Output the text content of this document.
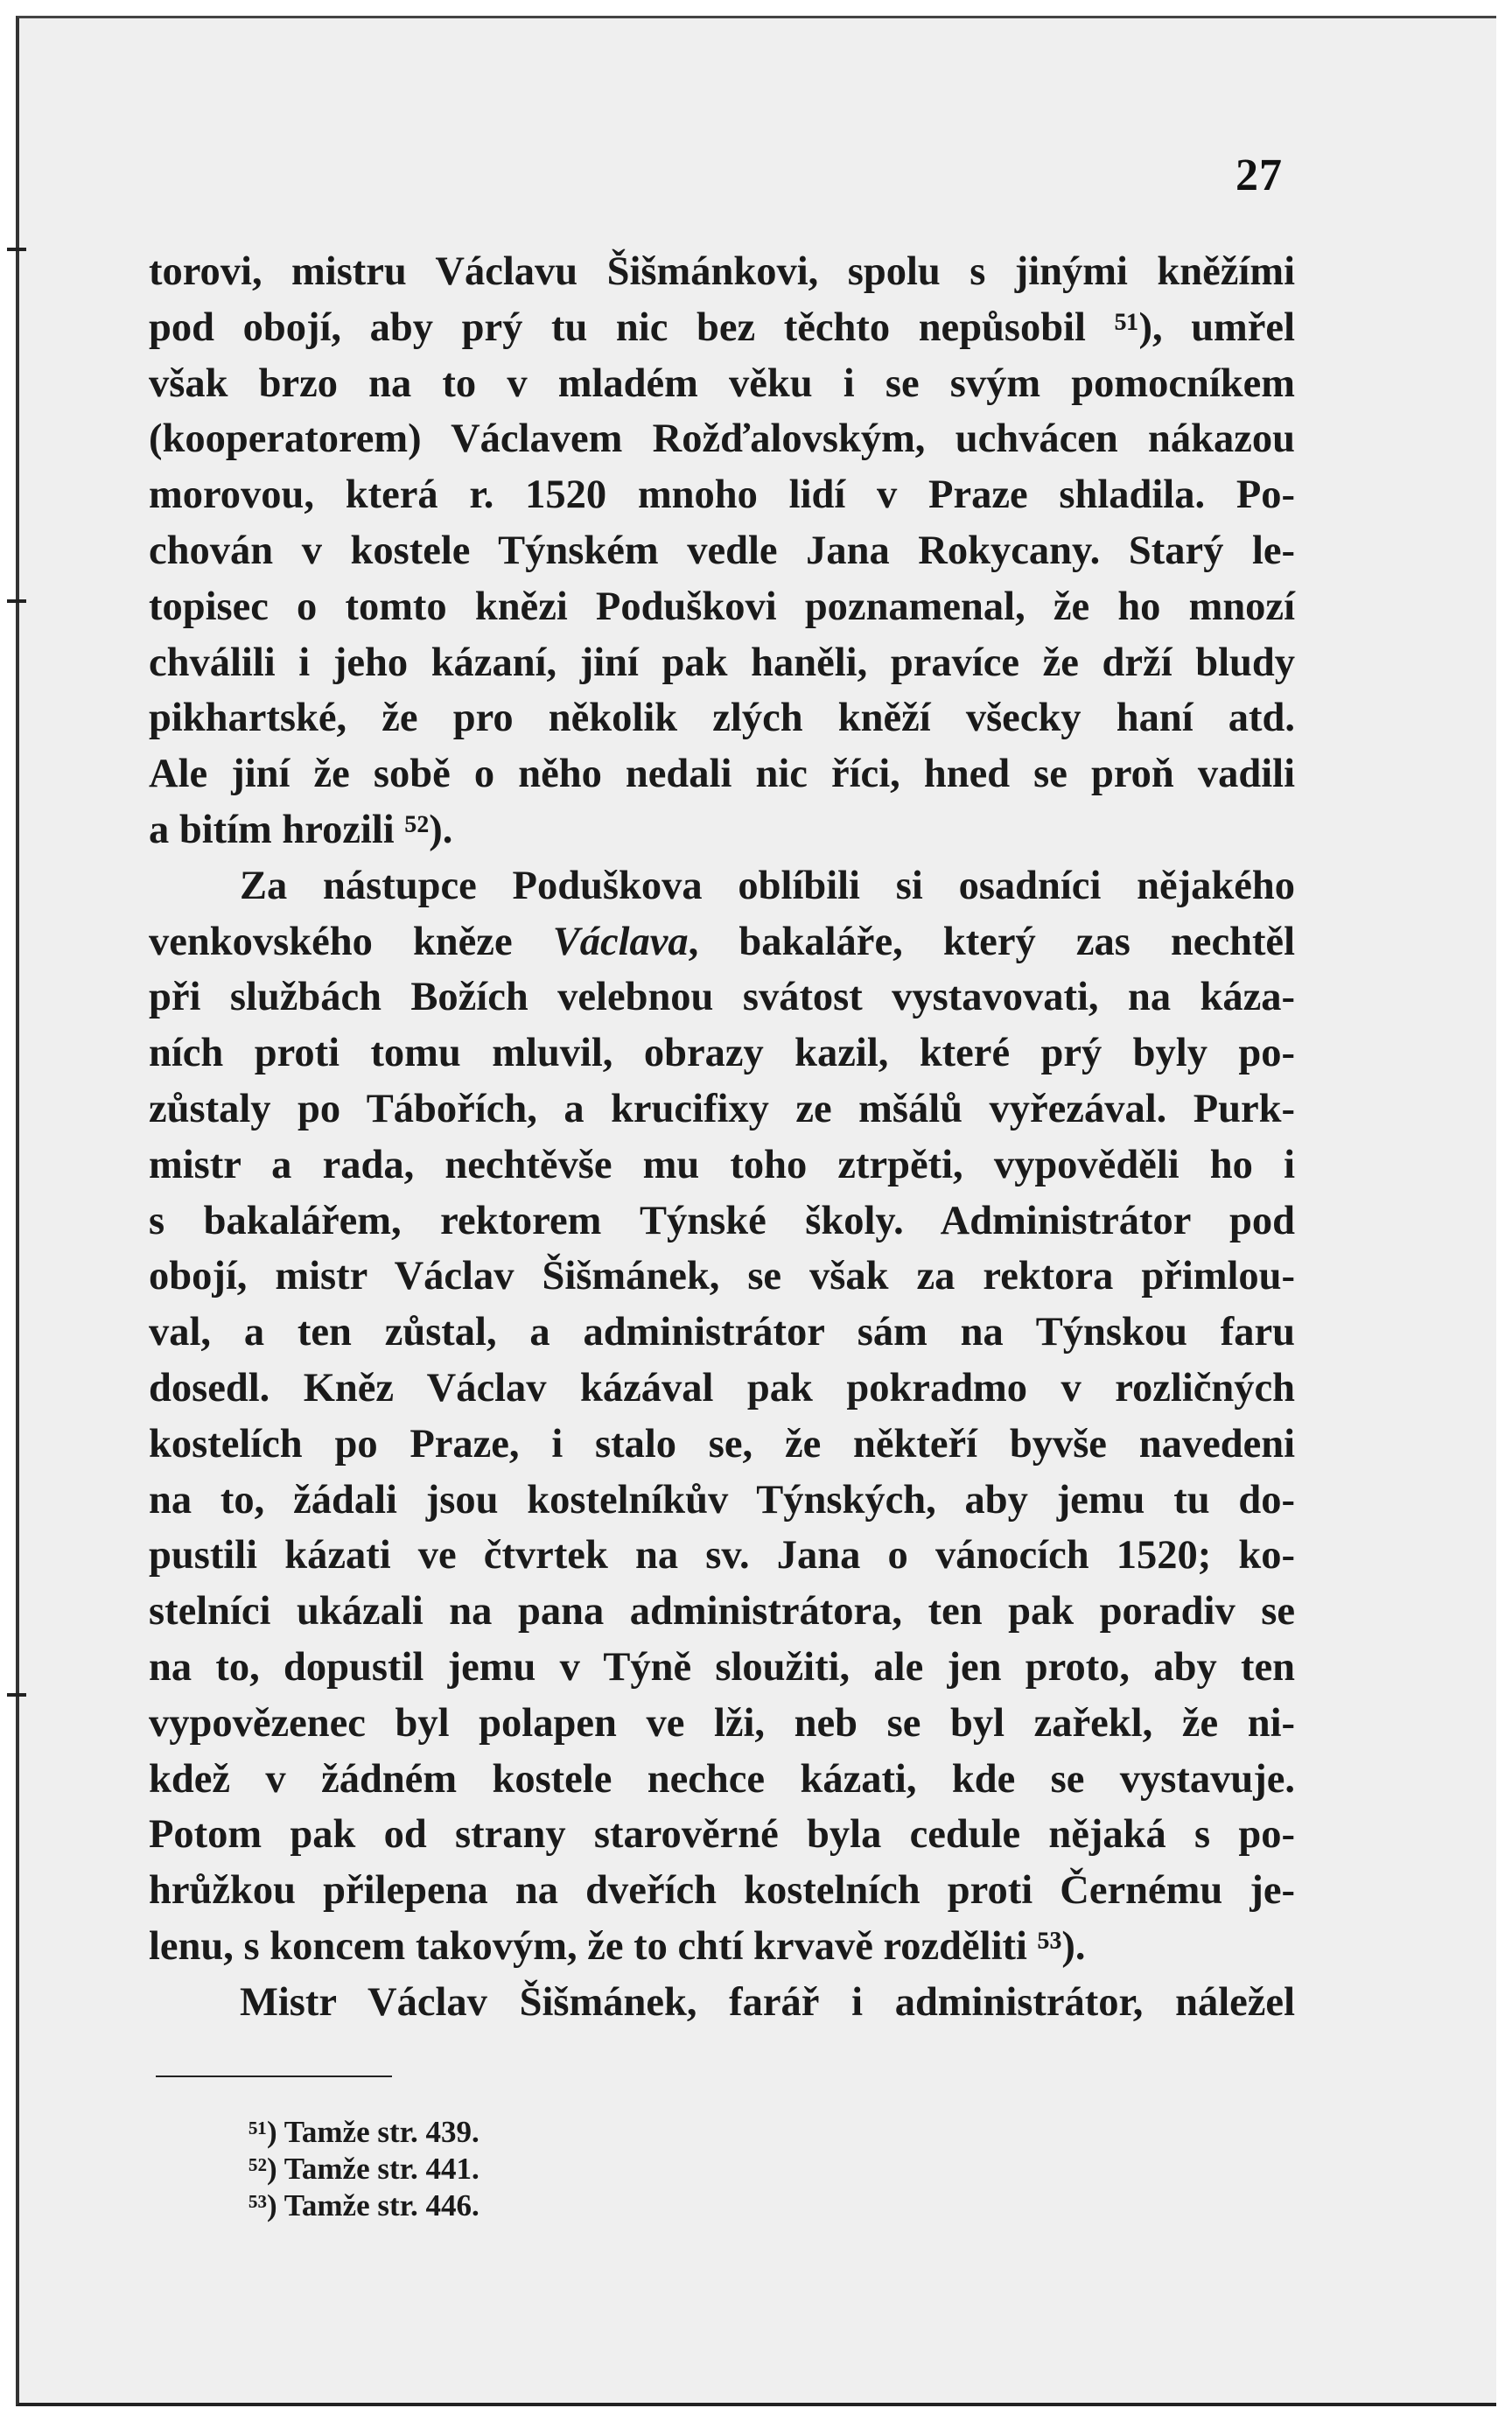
27
torovi, mistru Václavu Šišmánkovi, spolu s jinými kněžími
pod obojí, aby prý tu nic bez těchto nepůsobil ⁵¹), umřel
však brzo na to v mladém věku i se svým pomocníkem
(kooperatorem) Václavem Rožďalovským, uchvácen nákazou
morovou, která r. 1520 mnoho lidí v Praze shladila. Po-
chován v kostele Týnském vedle Jana Rokycany. Starý le-
topisec o tomto knězi Poduškovi poznamenal, že ho mnozí
chválili i jeho kázaní, jiní pak haněli, pravíce že drží bludy
pikhartské, že pro několik zlých kněží všecky haní atd.
Ale jiní že sobě o něho nedali nic říci, hned se proň vadili
a bitím hrozili ⁵²).
Za nástupce Poduškova oblíbili si osadníci nějakého
venkovského kněze Václava, bakaláře, který zas nechtěl
při službách Božích velebnou svátost vystavovati, na káza-
ních proti tomu mluvil, obrazy kazil, které prý byly po-
zůstaly po Tábořích, a krucifixy ze mšálů vyřezával. Purk-
mistr a rada, nechtěvše mu toho ztrpěti, vypověděli ho i
s bakalářem, rektorem Týnské školy. Administrátor pod
obojí, mistr Václav Šišmánek, se však za rektora přimlou-
val, a ten zůstal, a administrátor sám na Týnskou faru
dosedl. Kněz Václav kázával pak pokradmo v rozličných
kostelích po Praze, i stalo se, že někteří byvše navedeni
na to, žádali jsou kostelníkův Týnských, aby jemu tu do-
pustili kázati ve čtvrtek na sv. Jana o vánocích 1520; ko-
stelníci ukázali na pana administrátora, ten pak poradiv se
na to, dopustil jemu v Týně sloužiti, ale jen proto, aby ten
vypovězenec byl polapen ve lži, neb se byl zařekl, že ni-
kdež v žádném kostele nechce kázati, kde se vystavuje.
Potom pak od strany starověrné byla cedule nějaká s po-
hrůžkou přilepena na dveřích kostelních proti Černému je-
lenu, s koncem takovým, že to chtí krvavě rozděliti ⁵³).
Mistr Václav Šišmánek, farář i administrátor, náležel
⁵¹) Tamže str. 439.
⁵²) Tamže str. 441.
⁵³) Tamže str. 446.
